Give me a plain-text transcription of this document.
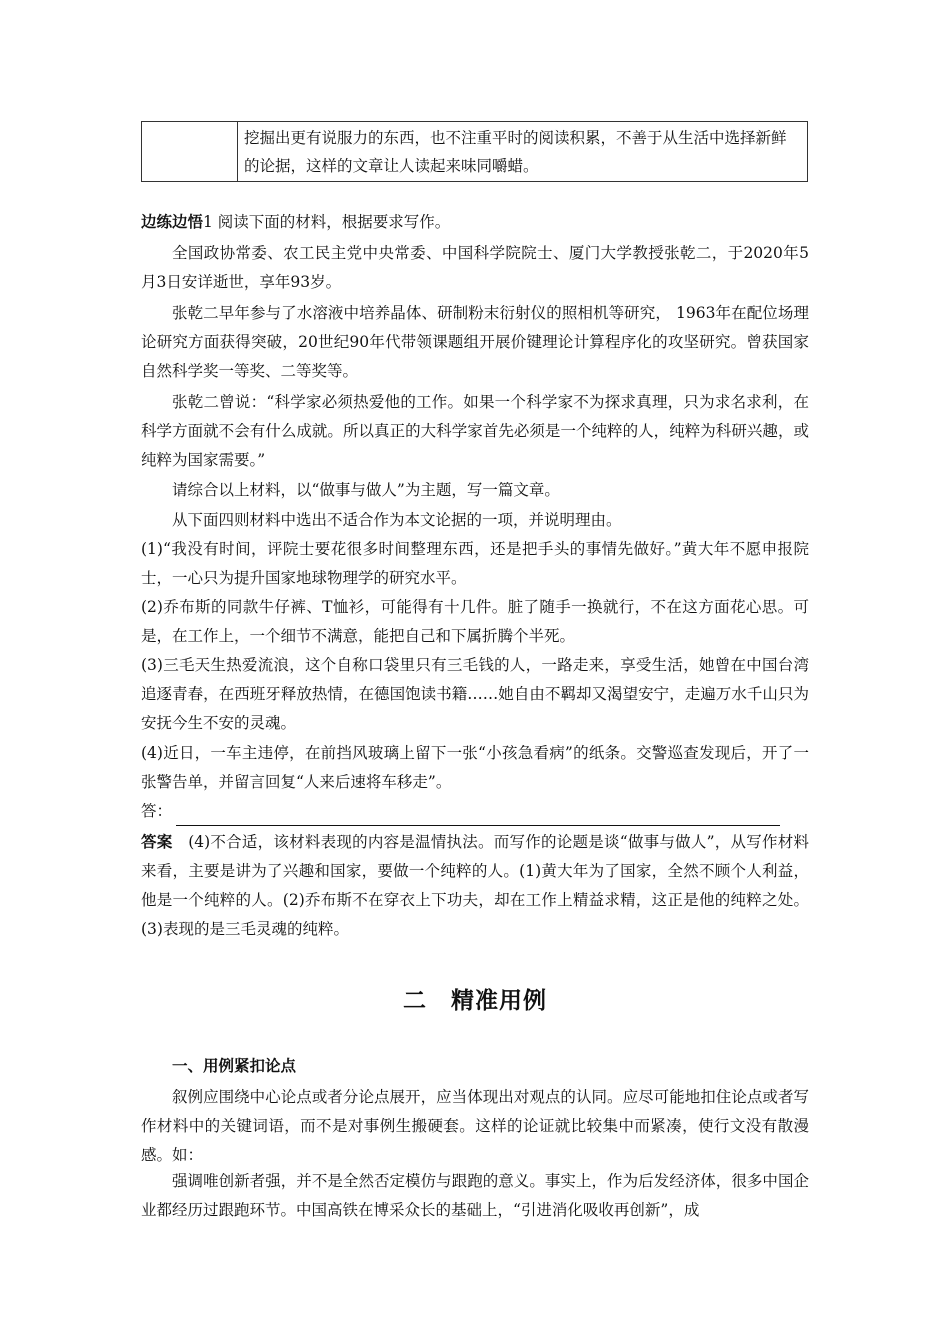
挖掘出更有说服力的东西，也不注重平时的阅读积累，不善于从生活中选择新鲜的论据，这样的文章让人读起来味同嚼蜡。

边练边悟1 阅读下面的材料，根据要求写作。

全国政协常委、农工民主党中央常委、中国科学院院士、厦门大学教授张乾二，于2020年5月3日安详逝世，享年93岁。

张乾二早年参与了水溶液中培养晶体、研制粉末衍射仪的照相机等研究， 1963年在配位场理论研究方面获得突破，20世纪90年代带领课题组开展价键理论计算程序化的攻坚研究。曾获国家自然科学奖一等奖、二等奖等。

张乾二曾说：“科学家必须热爱他的工作。如果一个科学家不为探求真理，只为求名求利，在科学方面就不会有什么成就。所以真正的大科学家首先必须是一个纯粹的人，纯粹为科研兴趣，或纯粹为国家需要。”

请综合以上材料，以“做事与做人”为主题，写一篇文章。

从下面四则材料中选出不适合作为本文论据的一项，并说明理由。

(1)“我没有时间，评院士要花很多时间整理东西，还是把手头的事情先做好。”黄大年不愿申报院士，一心只为提升国家地球物理学的研究水平。

(2)乔布斯的同款牛仔裤、T恤衫，可能得有十几件。脏了随手一换就行，不在这方面花心思。可是，在工作上，一个细节不满意，能把自己和下属折腾个半死。

(3)三毛天生热爱流浪，这个自称口袋里只有三毛钱的人，一路走来，享受生活，她曾在中国台湾追逐青春，在西班牙释放热情，在德国饱读书籍……她自由不羁却又渴望安宁，走遍万水千山只为安抚今生不安的灵魂。

(4)近日，一车主违停，在前挡风玻璃上留下一张“小孩急看病”的纸条。交警巡查发现后，开了一张警告单，并留言回复“人来后速将车移走”。

答：

答案　 (4)不合适，该材料表现的内容是温情执法。而写作的论题是谈“做事与做人”，从写作材料来看，主要是讲为了兴趣和国家，要做一个纯粹的人。(1)黄大年为了国家，全然不顾个人利益，他是一个纯粹的人。(2)乔布斯不在穿衣上下功夫，却在工作上精益求精，这正是他的纯粹之处。(3)表现的是三毛灵魂的纯粹。

二　精准用例
一、用例紧扣论点

叙例应围绕中心论点或者分论点展开，应当体现出对观点的认同。应尽可能地扣住论点或者写作材料中的关键词语，而不是对事例生搬硬套。这样的论证就比较集中而紧凑，使行文没有散漫感。如：

强调唯创新者强，并不是全然否定模仿与跟跑的意义。事实上，作为后发经济体，很多中国企业都经历过跟跑环节。中国高铁在博采众长的基础上，“引进消化吸收再创新”，成
